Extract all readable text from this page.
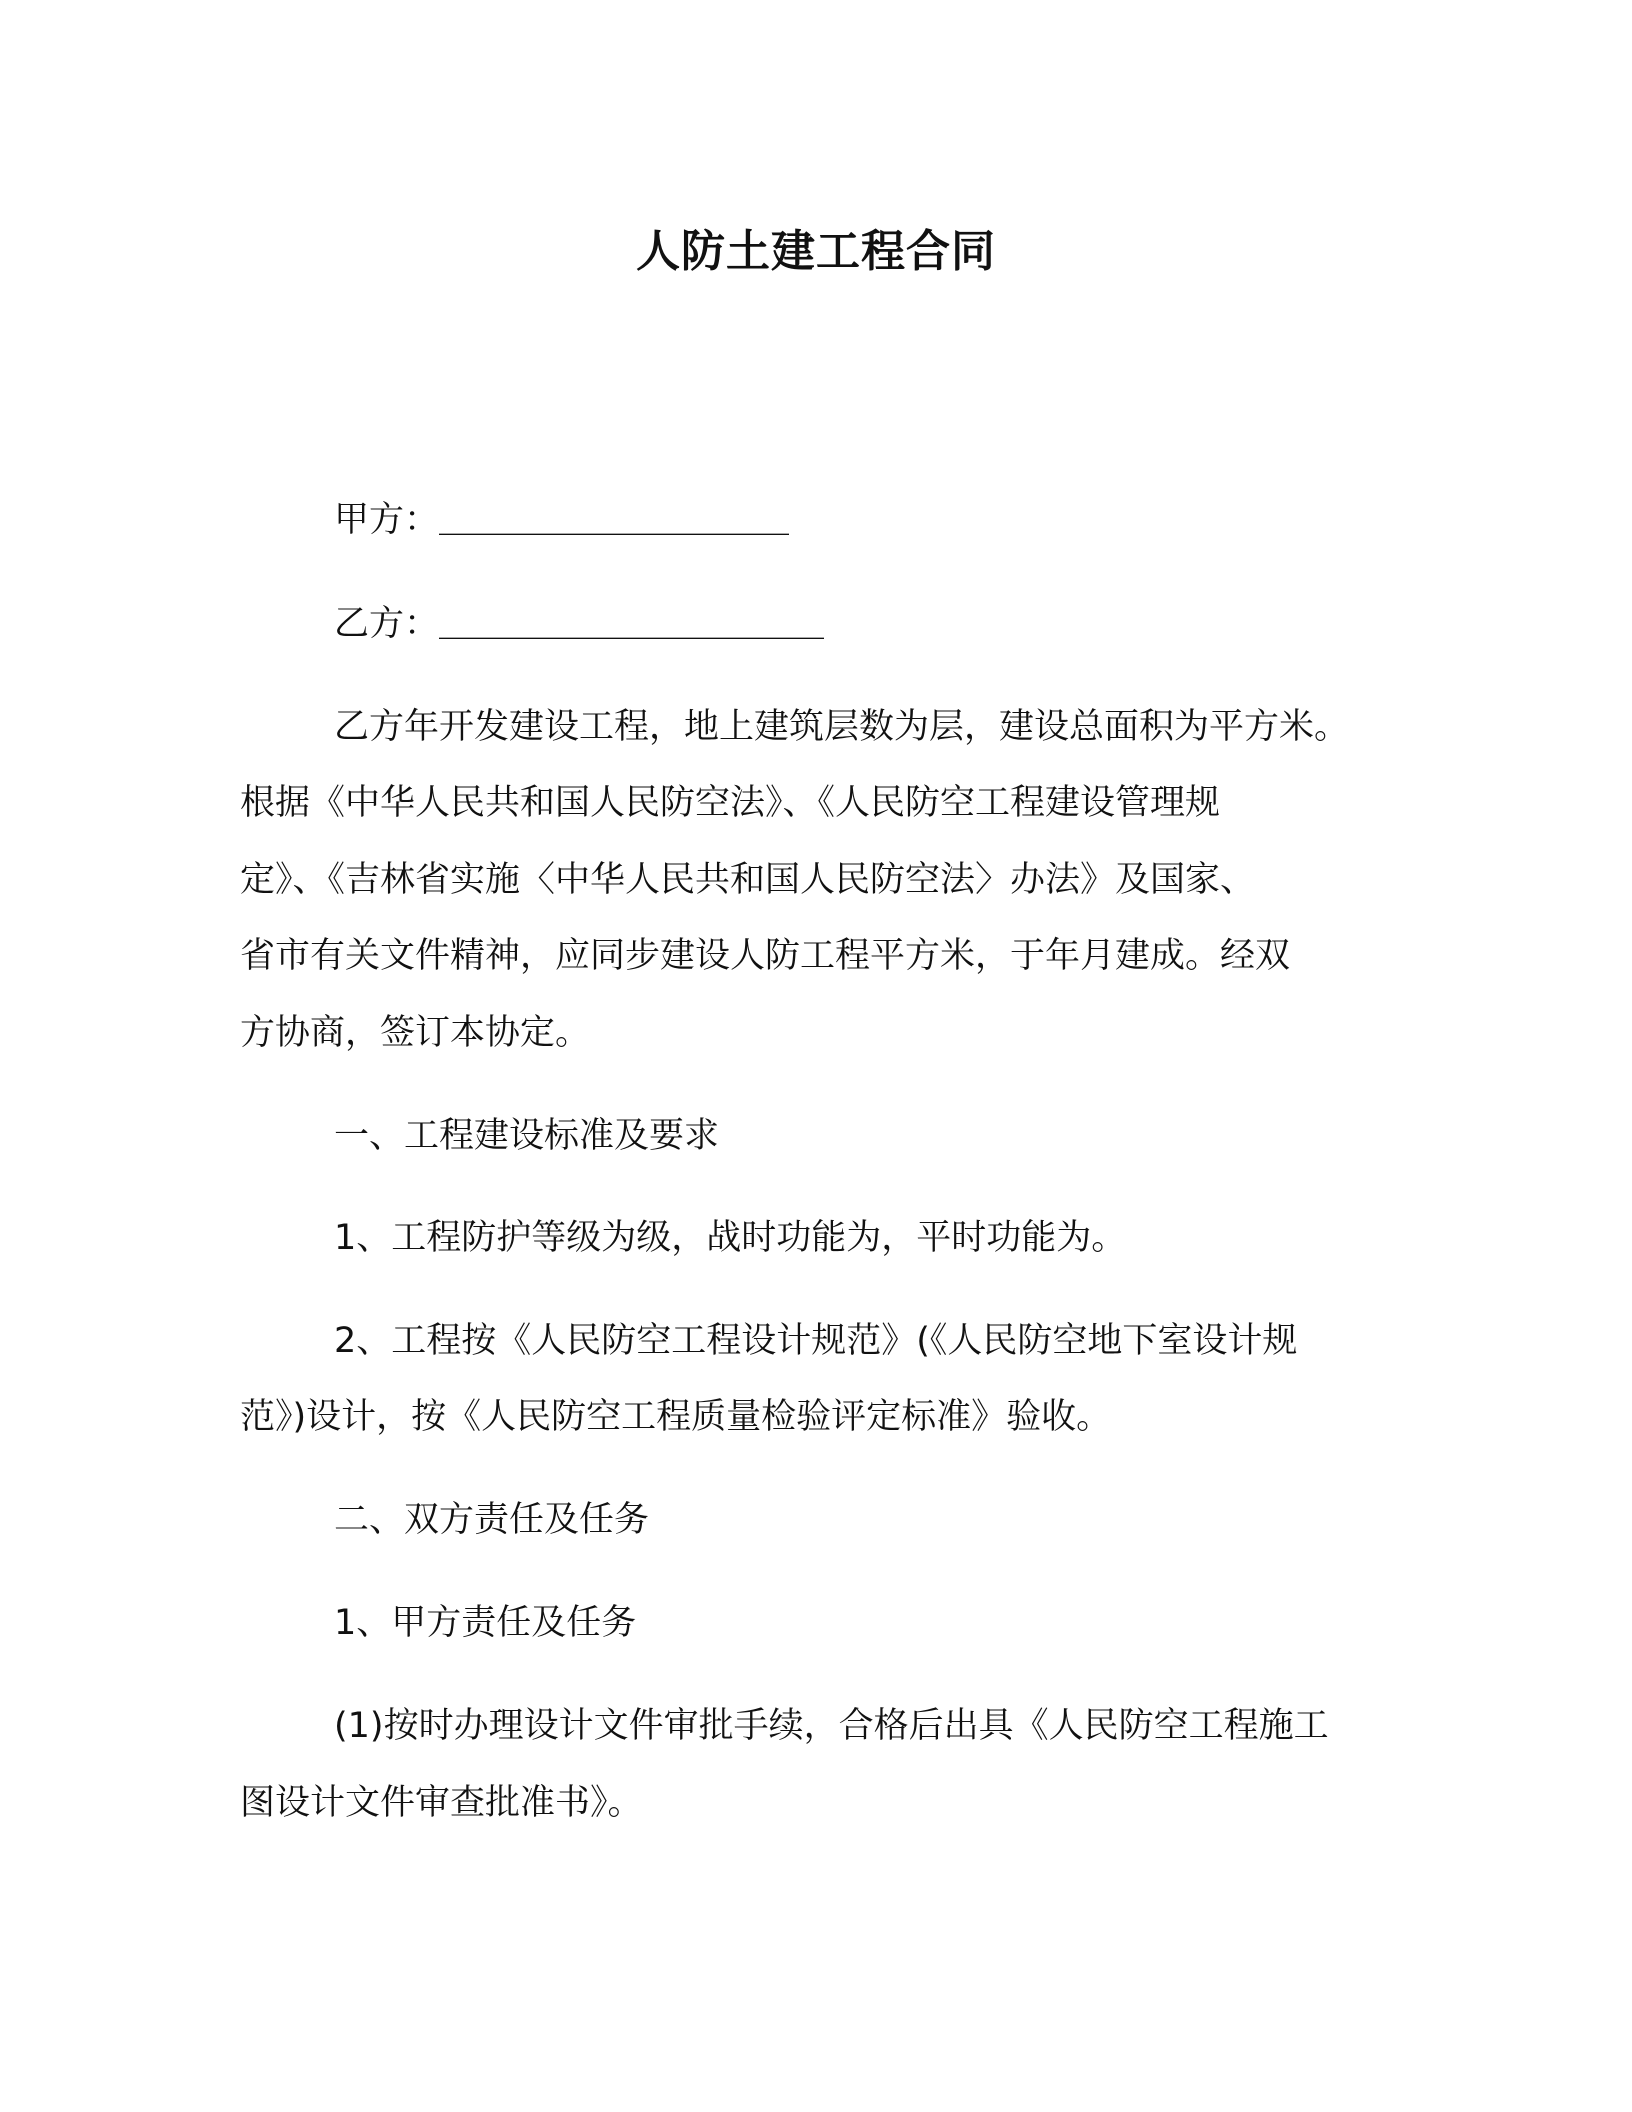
人防土建工程合同
甲方：＿＿＿＿＿＿＿＿＿＿
乙方：＿＿＿＿＿＿＿＿＿＿＿
乙方年开发建设工程，地上建筑层数为层，建设总面积为平方米。
根据《中华人民共和国人民防空法》、《人民防空工程建设管理规
定》、《吉林省实施〈中华人民共和国人民防空法〉办法》及国家、
省市有关文件精神，应同步建设人防工程平方米，于年月建成。经双
方协商，签订本协定。
一、工程建设标准及要求
1、工程防护等级为级，战时功能为，平时功能为。
2、工程按《人民防空工程设计规范》(《人民防空地下室设计规
范》)设计，按《人民防空工程质量检验评定标准》验收。
二、双方责任及任务
1、甲方责任及任务
(1)按时办理设计文件审批手续，合格后出具《人民防空工程施工
图设计文件审查批准书》。
